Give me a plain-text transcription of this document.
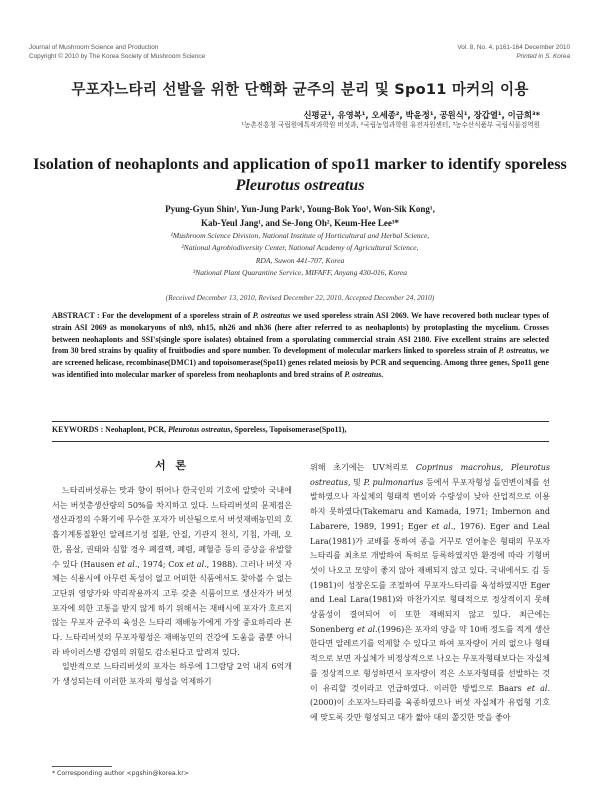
Journal of Mushroom Science and Production
Copyright © 2010 by The Korea Society of Mushroom Science
Vol. 8, No. 4, p161-164 December 2010
Printed in S. Korea
무포자느타리 선발을 위한 단핵화 균주의 분리 및 Spo11 마커의 이용
신평균¹, 유영복¹, 오세종², 박윤정¹, 공원식¹, 장갑열¹, 이금희³*
¹농촌진흥청 국립원예특작과학원 버섯과, ²국립농업과학원 유전자원센터, ³농수산식품부 국립식물검역원
Isolation of neohaplonts and application of spo11 marker to identify sporeless
Pleurotus ostreatus
Pyung-Gyun Shin¹, Yun-Jung Park¹, Young-Bok Yoo¹, Won-Sik Kong¹,
Kab-Yeul Jang¹, and Se-Jong Oh², Keum-Hee Lee³*
¹Mushroom Science Division, National Institute of Horticultural and Herbal Science,
²National Agrobiodiversity Center, National Academy of Agricultural Science,
RDA, Suwon 441-707, Korea
³National Plant Quarantine Service, MIFAFF, Anyang 430-016, Korea
(Received December 13, 2010, Revised December 22, 2010, Accepted December 24, 2010)
ABSTRACT : For the development of a sporeless strain of P. ostreatus we used sporeless strain ASI 2069. We have recovered both nuclear types of strain ASI 2069 as monokaryons of nh9, nh15, nh26 and nh36 (here after referred to as neohaplonts) by protoplasting the mycelium. Crosses between neohaplonts and SSI's(single spore isolates) obtained from a sporulating commercial strain ASI 2180. Five excellent strains are selected from 30 bred strains by quality of fruitbodies and spore number. To development of molecular markers linked to sporeless strain of P. ostreatus, we are screened helicase, recombinase(DMC1) and topoisomerase(Spo11) genes related meiosis by PCR and sequencing. Among three genes, Spo11 gene was identified into molecular marker of sporeless from neohaplonts and bred strains of P. ostreatus.
KEYWORDS : Neohaplont, PCR, Pleurotus ostreatus, Sporeless, Topoisomerase(Spo11),
서 론
느타리버섯류는 맛과 향이 뛰어나 한국인의 기호에 알맞아 국내에서는 버섯총생산량의 50%를 차지하고 있다. 느타리버섯의 문제점은 생산과정의 수확기에 무수한 포자가 비산됨으로서 버섯재배농민의 호흡기계통질환인 알레르기성 질환, 안질, 기관지 천식, 기침, 가래, 오한, 몸살, 권태와 심할 경우 폐결핵, 폐렴, 폐혈증 등의 증상을 유발할 수 있다 (Hausen et al., 1974; Cox et al., 1988). 그러나 버섯 자체는 식용시에 아무런 독성이 없고 어떠한 식품에서도 찾아볼 수 없는 고단위 영양가와 약리작용까지 고루 갖춘 식품이므로 생산자가 버섯 포자에 의한 고통을 받지 않게 하기 위해서는 재배시에 포자가 흐르지 않는 무포자 균주의 육성은 느타리 재배농가에게 가장 중요하리라 본다. 느타리버섯의 무포자형성은 재배농민의 건강에 도움을 줌뿐 아니라 바이러스병 감염의 위험도 감소된다고 알려져 있다.
일반적으로 느타리버섯의 포자는 하루에 1그람당 2억 내지 6억개가 생성되는데 이러한 포자의 형성을 억제하기
위해 초기에는 UV처리로 Coprinus macrohus, Pleurotus ostreatus, 및 P. pulmonarius 등에서 무포자형성 돌연변이체를 선발하였으나 자실체의 형태적 변이와 수량성이 낮아 산업적으로 이용하지 못하였다(Takemaru and Kamada, 1971; Imbernon and Labarere, 1989, 1991; Eger et al., 1976). Eger and Leal Lara(1981)가 교배를 통하여 종을 거꾸로 얻어놓은 형태의 무포자느타리를 최초로 개발하여 특허로 등록하였지만 환경에 따라 기형버섯이 나오고 모양이 좋지 않아 재배되지 않고 있다. 국내에서도 김 등(1981)이 성장온도를 조절하여 무포자느타리를 육성하였지만 Eger and Leal Lara(1981)와 마찬가지로 형태적으로 정상적이지 못해 상품성이 결여되어 이 또한 재배되지 않고 있다. 최근에는 Sonenberg et al.(1996)은 포자의 양을 약 10배 정도를 적게 생산한다면 알레르기를 억제할 수 있다고 하여 포자량이 거의 없으나 형태적으로 보면 자실체가 비정상적으로 나오는 무포자형태보다는 자실체를 정상적으로 형성하면서 포자량이 적은 소포자형태를 선발하는 것이 유리할 것이라고 언급하였다. 이러한 방법으로 Baars et al.(2000)이 소포자느타리를 육종하였으나 버섯 자실체가 유럽형 기호에 맞도록 갓만 형성되고 대가 짧아 대의 쫄깃한 맛을 좋아
* Corresponding author <pgshin@korea.kr>
